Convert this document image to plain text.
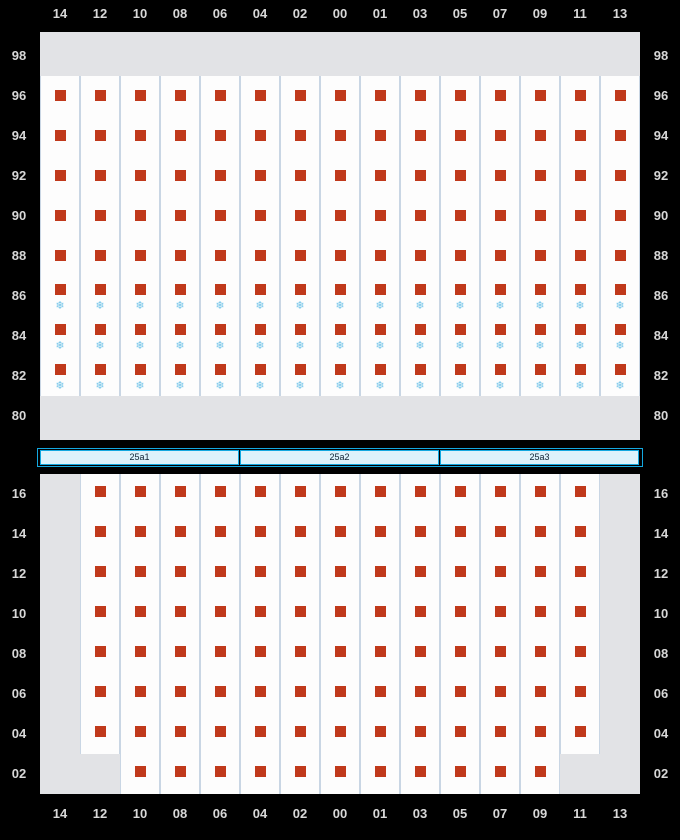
14	12	10	08	06	04	02	00	01	03	05	07	09	11	13
98	98
96	96
94	94
92	92
90	90
88	88
86	86
84	84
82	82
80	80
❄	❄	❄	❄	❄	❄	❄	❄	❄	❄	❄	❄	❄	❄	❄
❄	❄	❄	❄	❄	❄	❄	❄	❄	❄	❄	❄	❄	❄	❄
❄	❄	❄	❄	❄	❄	❄	❄	❄	❄	❄	❄	❄	❄	❄
25a1	25a2	25a3
16	16
14	14
12	12
10	10
08	08
06	06
04	04
02	02
14	12	10	08	06	04	02	00	01	03	05	07	09	11	13
